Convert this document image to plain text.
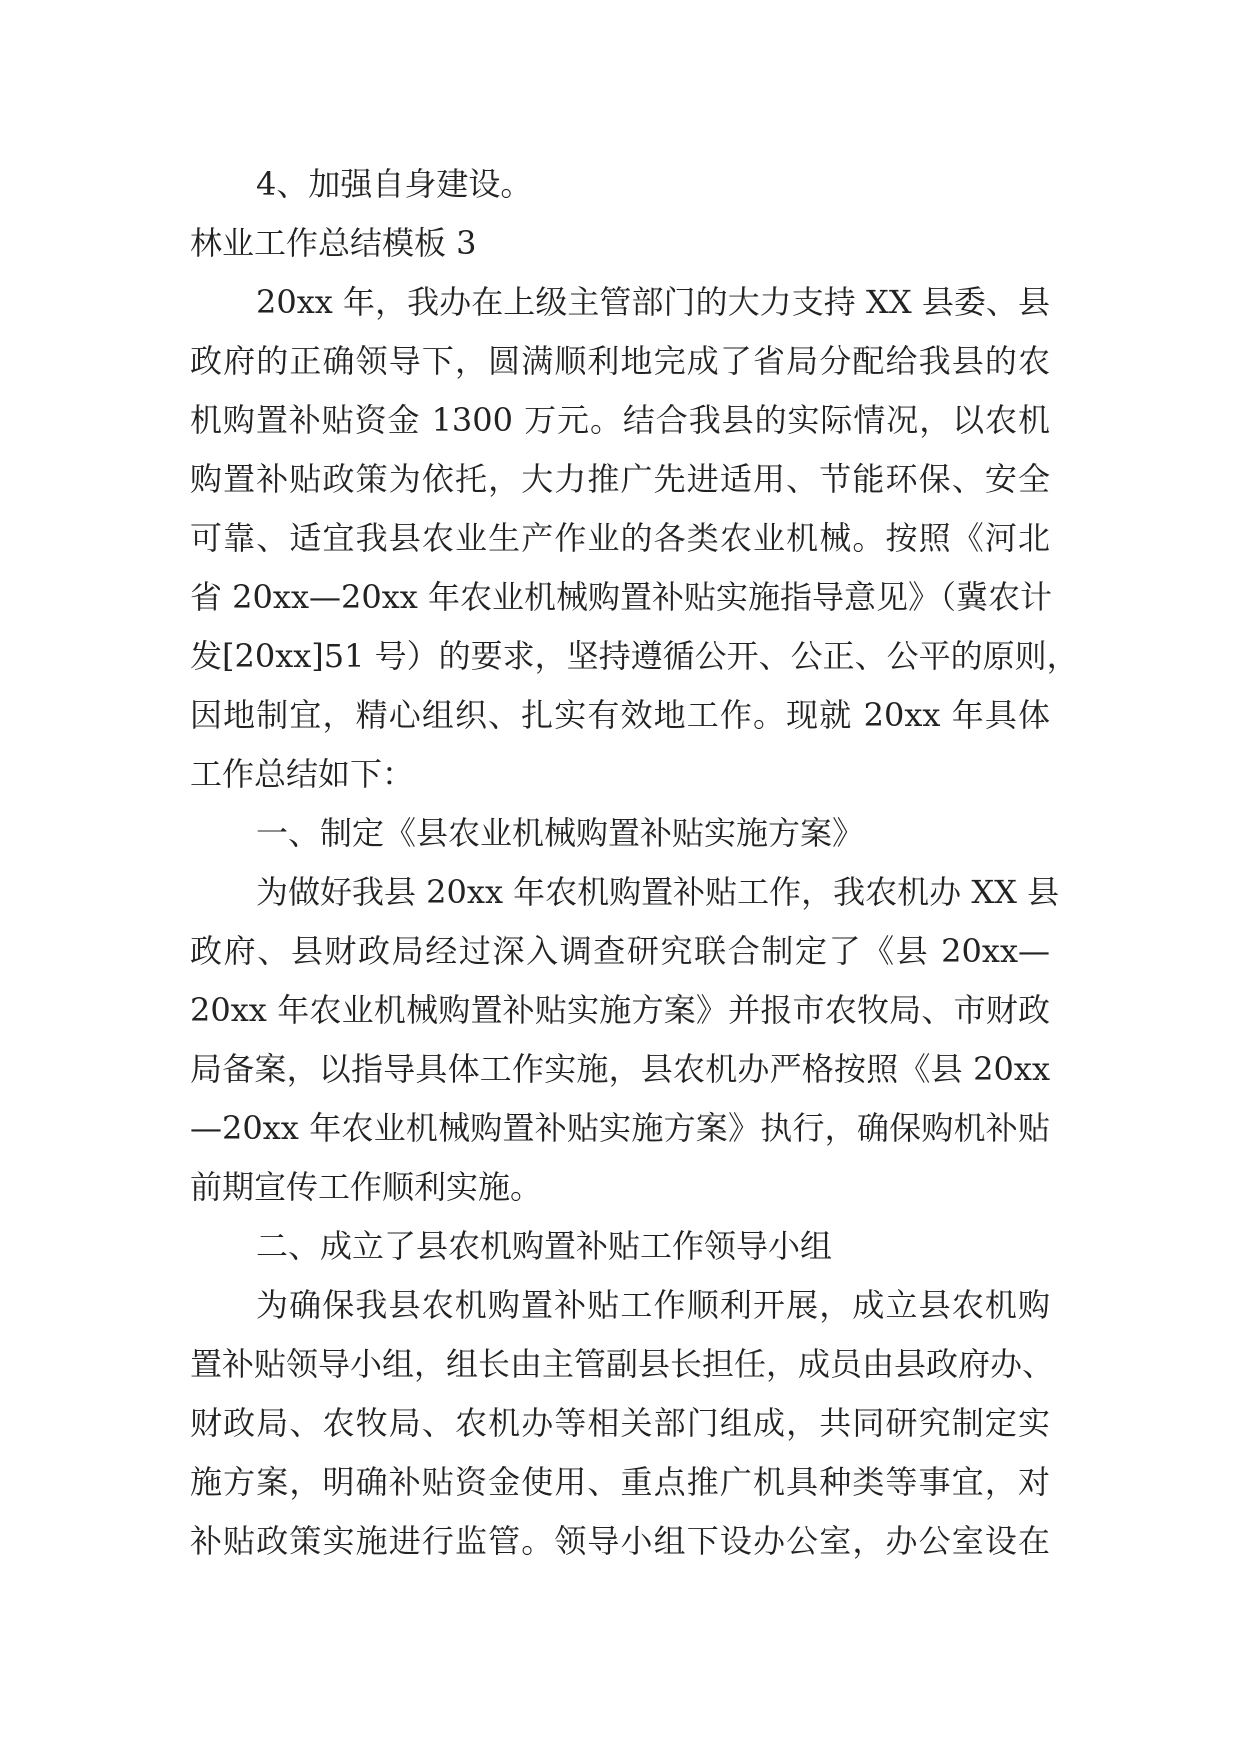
4、加强自身建设。
林业工作总结模板 3
20xx 年，我办在上级主管部门的大力支持 XX 县委、县
政府的正确领导下，圆满顺利地完成了省局分配给我县的农
机购置补贴资金 1300 万元。结合我县的实际情况，以农机
购置补贴政策为依托，大力推广先进适用、节能环保、安全
可靠、适宜我县农业生产作业的各类农业机械。按照《河北
省 20xx—20xx 年农业机械购置补贴实施指导意见》（冀农计
发[20xx]51 号）的要求，坚持遵循公开、公正、公平的原则，
因地制宜，精心组织、扎实有效地工作。现就 20xx 年具体
工作总结如下：
一、制定《县农业机械购置补贴实施方案》
为做好我县 20xx 年农机购置补贴工作，我农机办 XX 县
政府、县财政局经过深入调查研究联合制定了《县 20xx—
20xx 年农业机械购置补贴实施方案》并报市农牧局、市财政
局备案，以指导具体工作实施，县农机办严格按照《县 20xx
—20xx 年农业机械购置补贴实施方案》执行，确保购机补贴
前期宣传工作顺利实施。
二、成立了县农机购置补贴工作领导小组
为确保我县农机购置补贴工作顺利开展，成立县农机购
置补贴领导小组，组长由主管副县长担任，成员由县政府办、
财政局、农牧局、农机办等相关部门组成，共同研究制定实
施方案，明确补贴资金使用、重点推广机具种类等事宜，对
补贴政策实施进行监管。领导小组下设办公室，办公室设在
